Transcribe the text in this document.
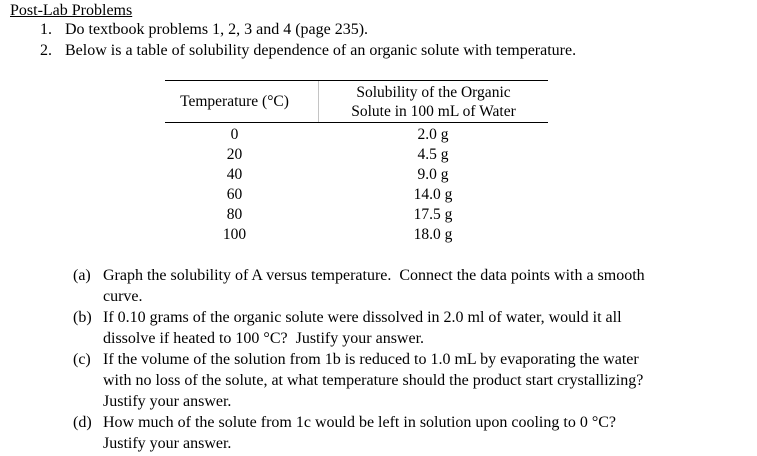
Post-Lab Problems
1. Do textbook problems 1, 2, 3 and 4 (page 235).
2. Below is a table of solubility dependence of an organic solute with temperature.
Temperature (°C)	Solubility of the Organic
Solute in 100 mL of Water
0	2.0 g
20	4.5 g
40	9.0 g
60	14.0 g
80	17.5 g
100	18.0 g
(a) Graph the solubility of A versus temperature.  Connect the data points with a smooth
curve.
(b) If 0.10 grams of the organic solute were dissolved in 2.0 ml of water, would it all
dissolve if heated to 100 °C?  Justify your answer.
(c) If the volume of the solution from 1b is reduced to 1.0 mL by evaporating the water
with no loss of the solute, at what temperature should the product start crystallizing?
Justify your answer.
(d) How much of the solute from 1c would be left in solution upon cooling to 0 °C?
Justify your answer.
